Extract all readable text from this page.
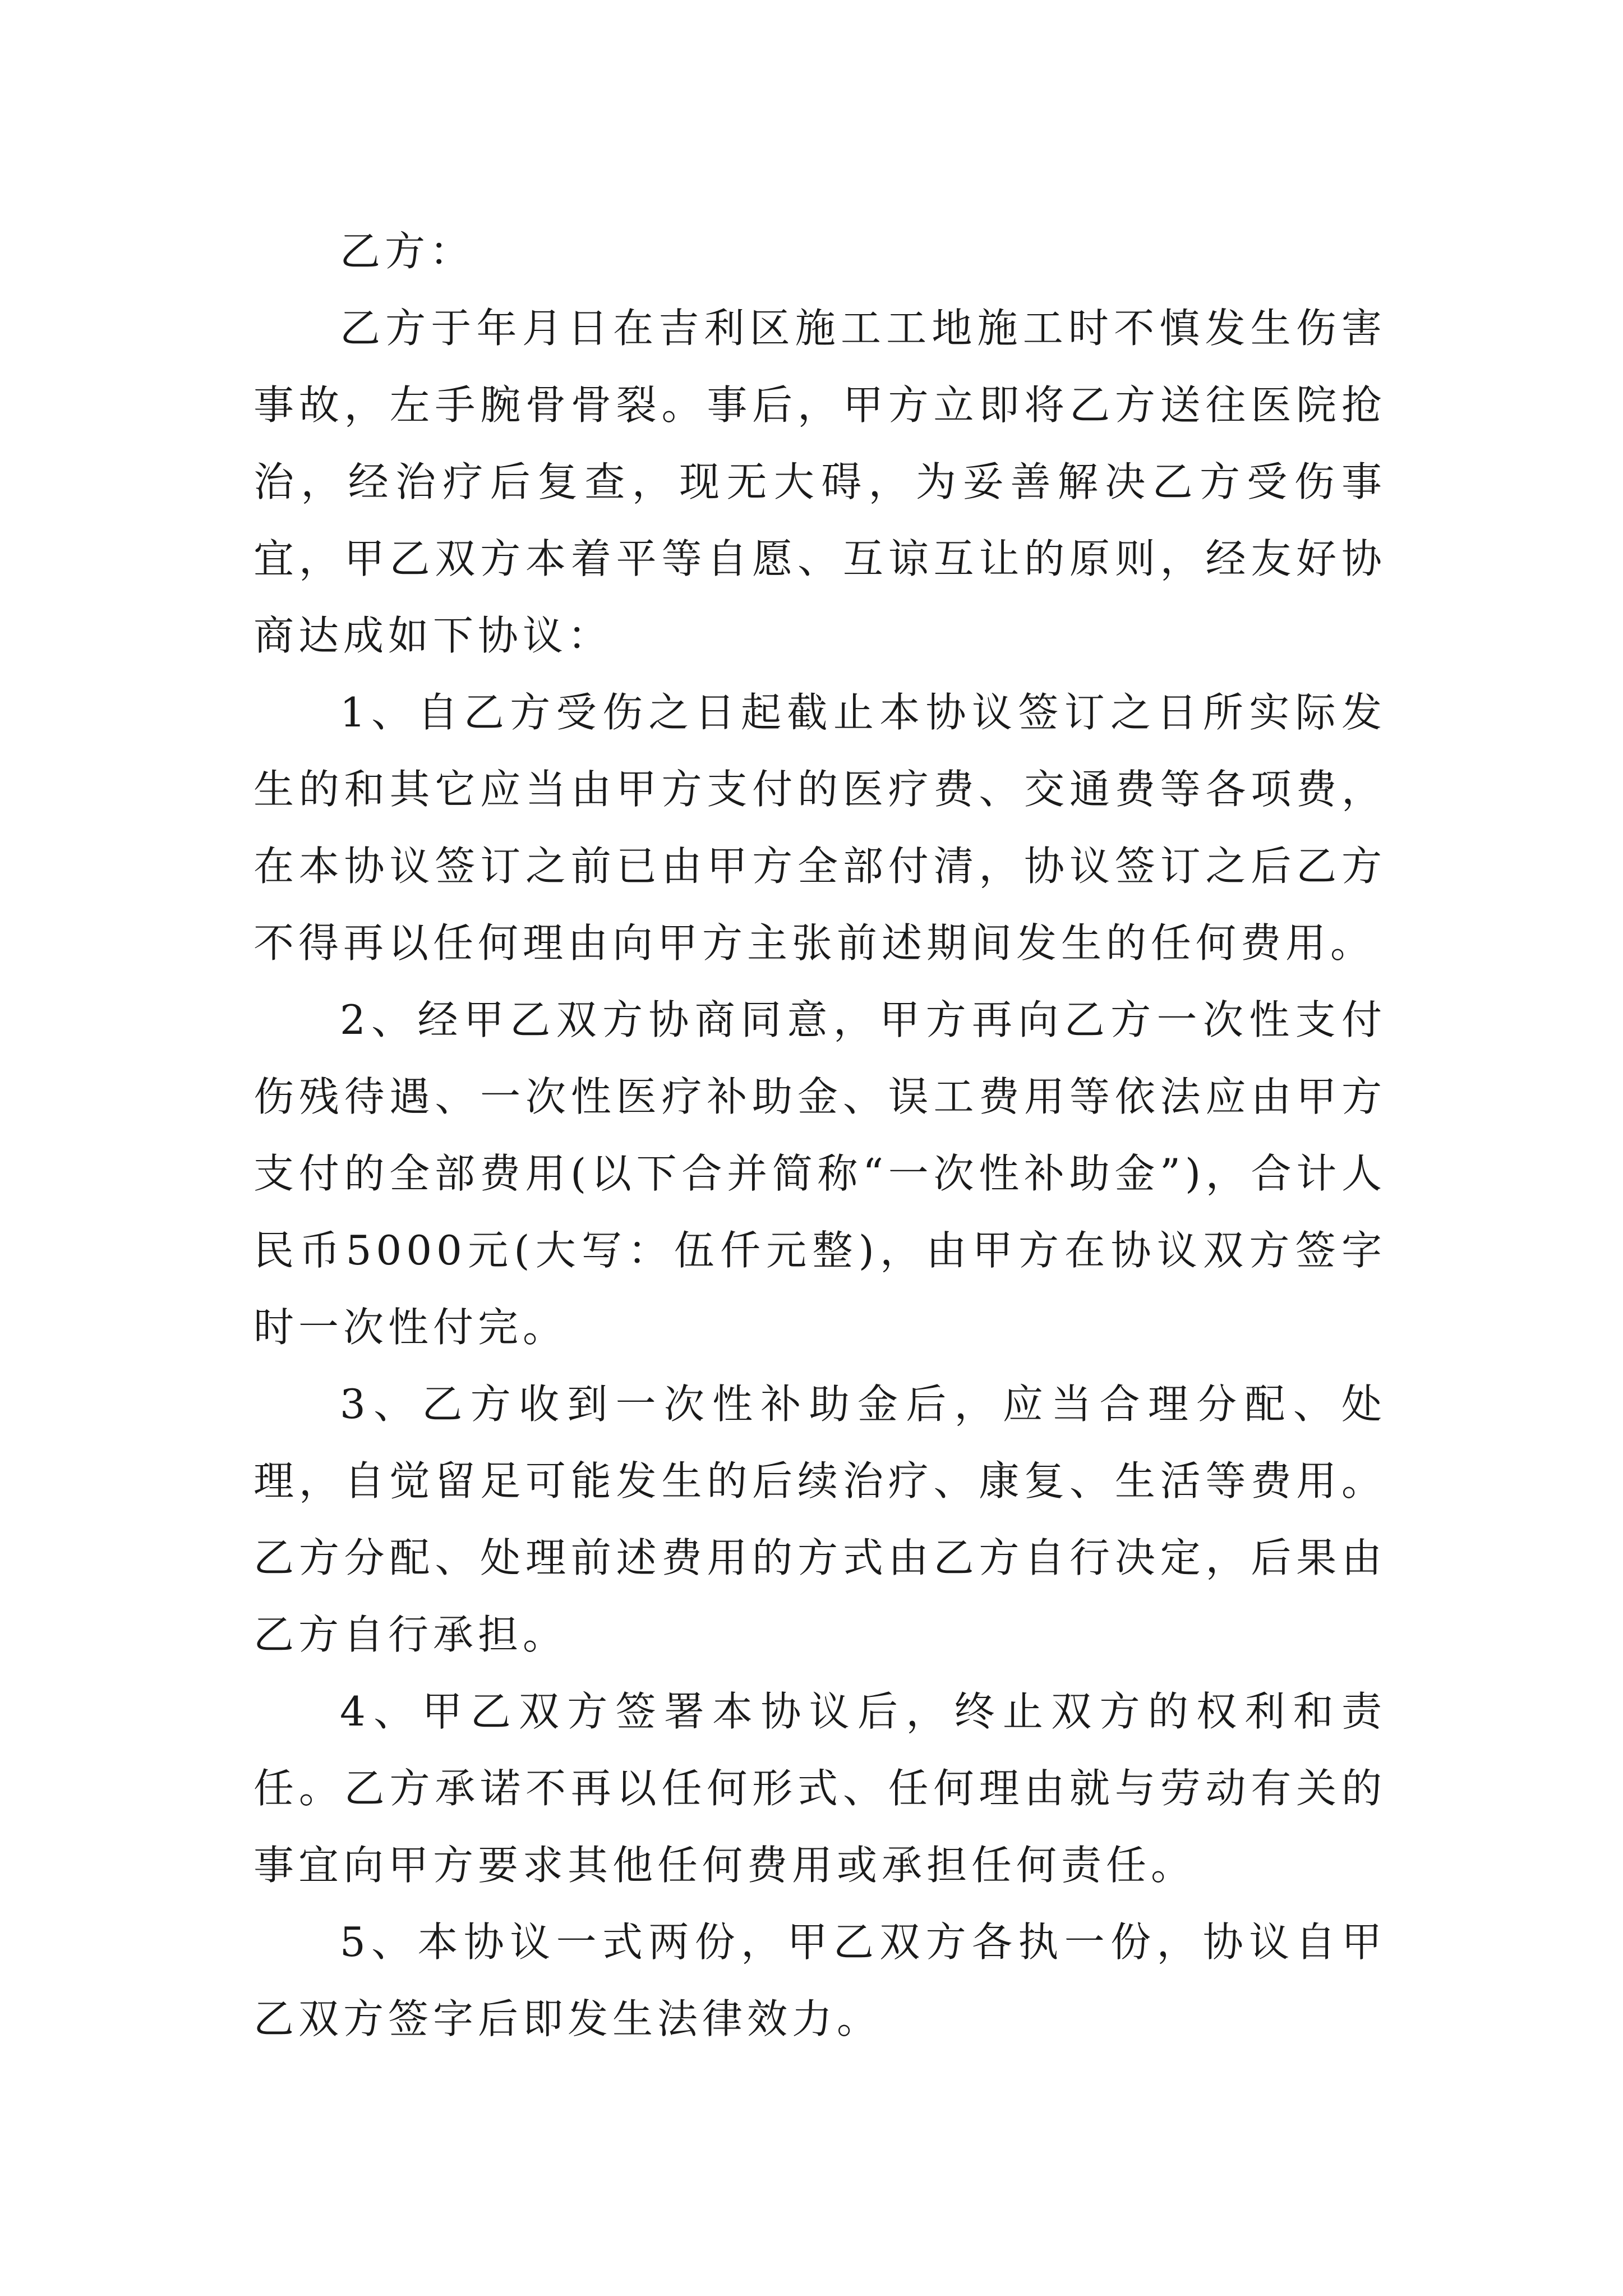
乙方：

乙方于年月日在吉利区施工工地施工时不慎发生伤害事故，左手腕骨骨裂。事后，甲方立即将乙方送往医院抢治，经治疗后复查，现无大碍，为妥善解决乙方受伤事宜，甲乙双方本着平等自愿、互谅互让的原则，经友好协商达成如下协议：

1、自乙方受伤之日起截止本协议签订之日所实际发生的和其它应当由甲方支付的医疗费、交通费等各项费，在本协议签订之前已由甲方全部付清，协议签订之后乙方不得再以任何理由向甲方主张前述期间发生的任何费用。

2、经甲乙双方协商同意，甲方再向乙方一次性支付伤残待遇、一次性医疗补助金、误工费用等依法应由甲方支付的全部费用(以下合并简称“一次性补助金”)，合计人民币5000元(大写：伍仟元整)，由甲方在协议双方签字时一次性付完。

3、乙方收到一次性补助金后，应当合理分配、处理，自觉留足可能发生的后续治疗、康复、生活等费用。乙方分配、处理前述费用的方式由乙方自行决定，后果由乙方自行承担。

4、甲乙双方签署本协议后，终止双方的权利和责任。乙方承诺不再以任何形式、任何理由就与劳动有关的事宜向甲方要求其他任何费用或承担任何责任。

5、本协议一式两份，甲乙双方各执一份，协议自甲乙双方签字后即发生法律效力。
